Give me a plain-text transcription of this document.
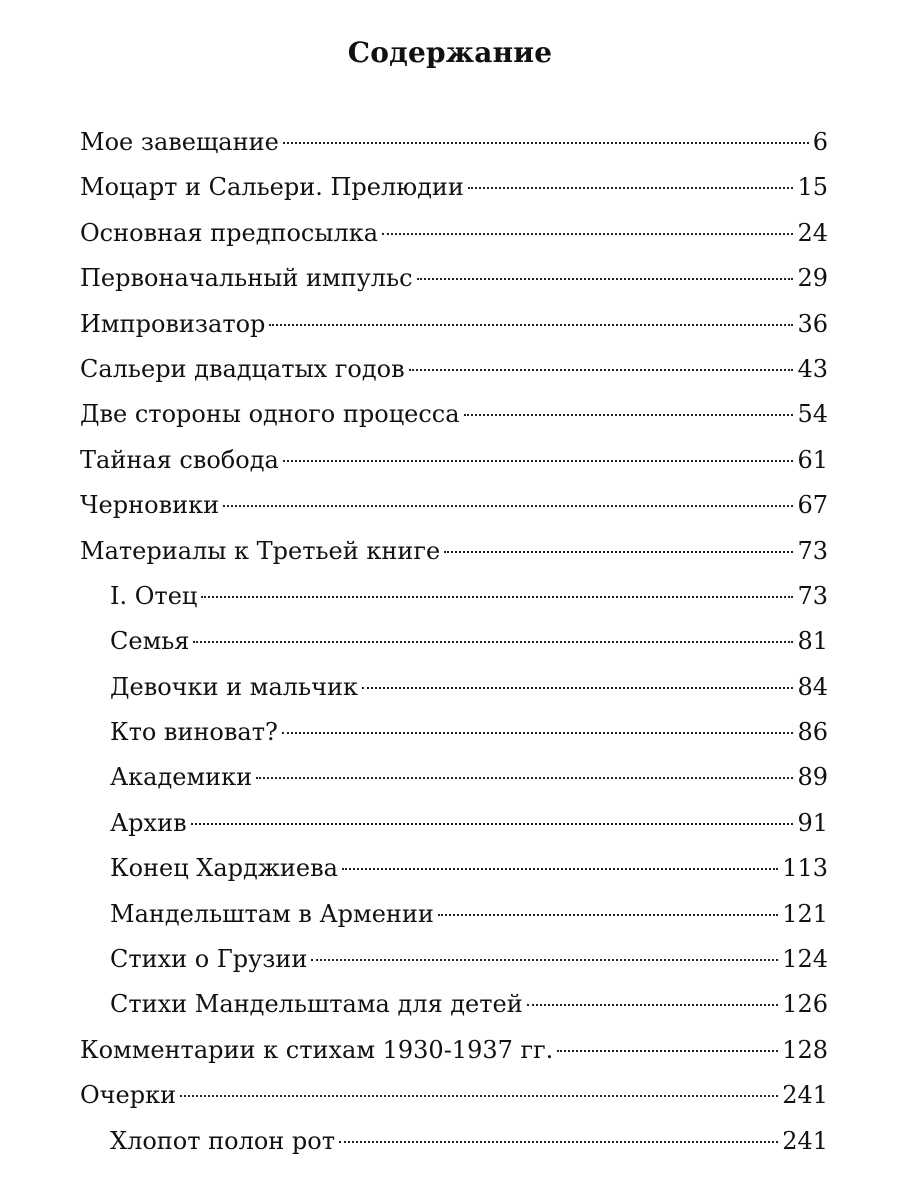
Содержание
Мое завещание	6
Моцарт и Сальери. Прелюдии	15
Основная предпосылка	24
Первоначальный импульс	29
Импровизатор	36
Сальери двадцатых годов	43
Две стороны одного процесса	54
Тайная свобода	61
Черновики	67
Материалы к Третьей книге	73
I. Отец	73
Семья	81
Девочки и мальчик	84
Кто виноват?	86
Академики	89
Архив	91
Конец Харджиева	113
Мандельштам в Армении	121
Стихи о Грузии	124
Стихи Мандельштама для детей	126
Комментарии к стихам 1930-1937 гг.	128
Очерки	241
Хлопот полон рот	241
